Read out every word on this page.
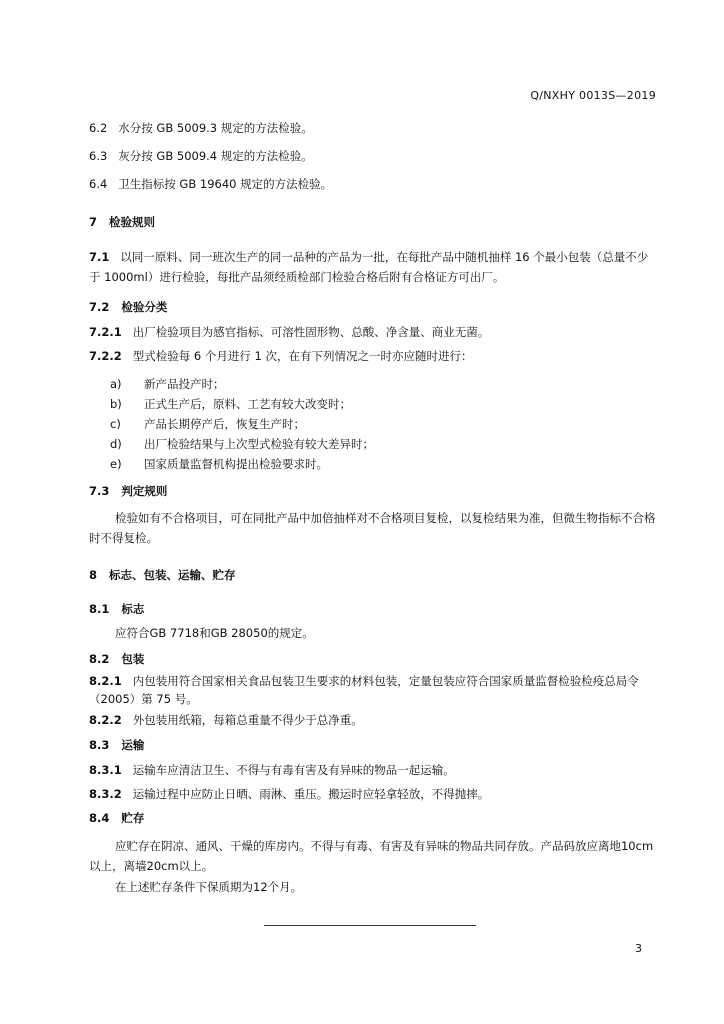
Q/NXHY 0013S—2019
6.2 水分按 GB 5009.3 规定的方法检验。
6.3 灰分按 GB 5009.4 规定的方法检验。
6.4 卫生指标按 GB 19640 规定的方法检验。
7 检验规则
7.1 以同一原料、同一班次生产的同一品种的产品为一批，在每批产品中随机抽样 16 个最小包装（总量不少于 1000ml）进行检验，每批产品须经质检部门检验合格后附有合格证方可出厂。
7.2 检验分类
7.2.1 出厂检验项目为感官指标、可溶性固形物、总酸、净含量、商业无菌。
7.2.2 型式检验每 6 个月进行 1 次，在有下列情况之一时亦应随时进行：
a) 新产品投产时；
b) 正式生产后，原料、工艺有较大改变时；
c) 产品长期停产后，恢复生产时；
d) 出厂检验结果与上次型式检验有较大差异时；
e) 国家质量监督机构提出检验要求时。
7.3 判定规则
检验如有不合格项目，可在同批产品中加倍抽样对不合格项目复检，以复检结果为准，但微生物指标不合格时不得复检。
8 标志、包装、运输、贮存
8.1 标志
应符合GB 7718和GB 28050的规定。
8.2 包装
8.2.1 内包装用符合国家相关食品包装卫生要求的材料包装，定量包装应符合国家质量监督检验检疫总局令（2005）第 75 号。
8.2.2 外包装用纸箱，每箱总重量不得少于总净重。
8.3 运输
8.3.1 运输车应清洁卫生、不得与有毒有害及有异味的物品一起运输。
8.3.2 运输过程中应防止日晒、雨淋、重压。搬运时应轻拿轻放，不得抛摔。
8.4 贮存
应贮存在阴凉、通风、干燥的库房内。不得与有毒、有害及有异味的物品共同存放。产品码放应离地10cm以上，离墙20cm以上。
在上述贮存条件下保质期为12个月。
3
